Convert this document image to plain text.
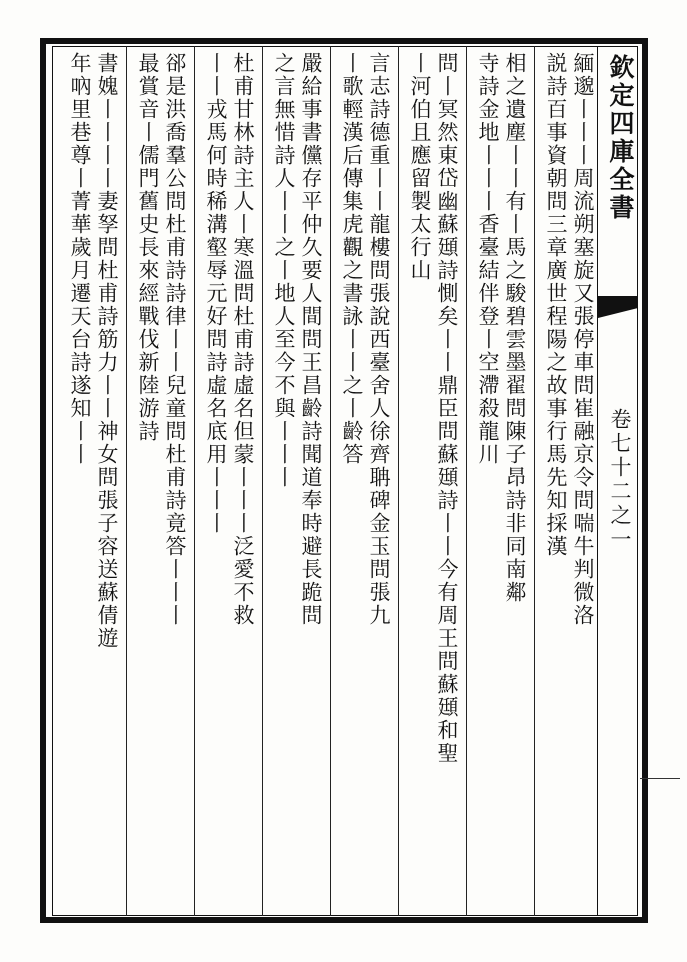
欽定四庫全書
卷七十二之一
緬邈丨丨丨周流朔塞旋又張停車問崔融京令問喘牛判微洛
説詩百事資朝問三章廣世程陽之故事行馬先知採漢
相之遺塵丨丨有丨馬之駿碧雲墨翟問陳子昂詩非同南鄰
寺詩金地丨丨丨香臺結伴登丨空滯殺龍川
問丨冥然東岱幽蘇頲詩惻矣丨丨鼎臣問蘇頲詩丨丨今有周王問蘇頲和聖
丨河伯且應留製太行山
言志詩德重丨丨龍樓問張說西臺舍人徐齊聃碑金玉問張九
丨歌輕漢后傳集虎觀之書詠丨丨之丨齡答
嚴給事書儻存平仲久要人間問王昌齡詩聞道奉時避長跪問
之言無惜詩人丨丨之丨地人至今不與丨丨丨
杜甫甘林詩主人丨寒溫問杜甫詩虛名但蒙丨丨丨泛愛不救
丨丨戎馬何時稀溝壑辱元好問詩虛名底用丨丨丨
郤是洪喬羣公問杜甫詩詩律丨丨兒童問杜甫詩竟答丨丨丨
最賞音丨儒門舊史長來經戰伐新陸游詩
書媿丨丨丨丨妻孥問杜甫詩筋力丨丨神女問張子容送蘇倩遊
年吶里巷尊丨菁華歲月遷天台詩遂知丨丨
